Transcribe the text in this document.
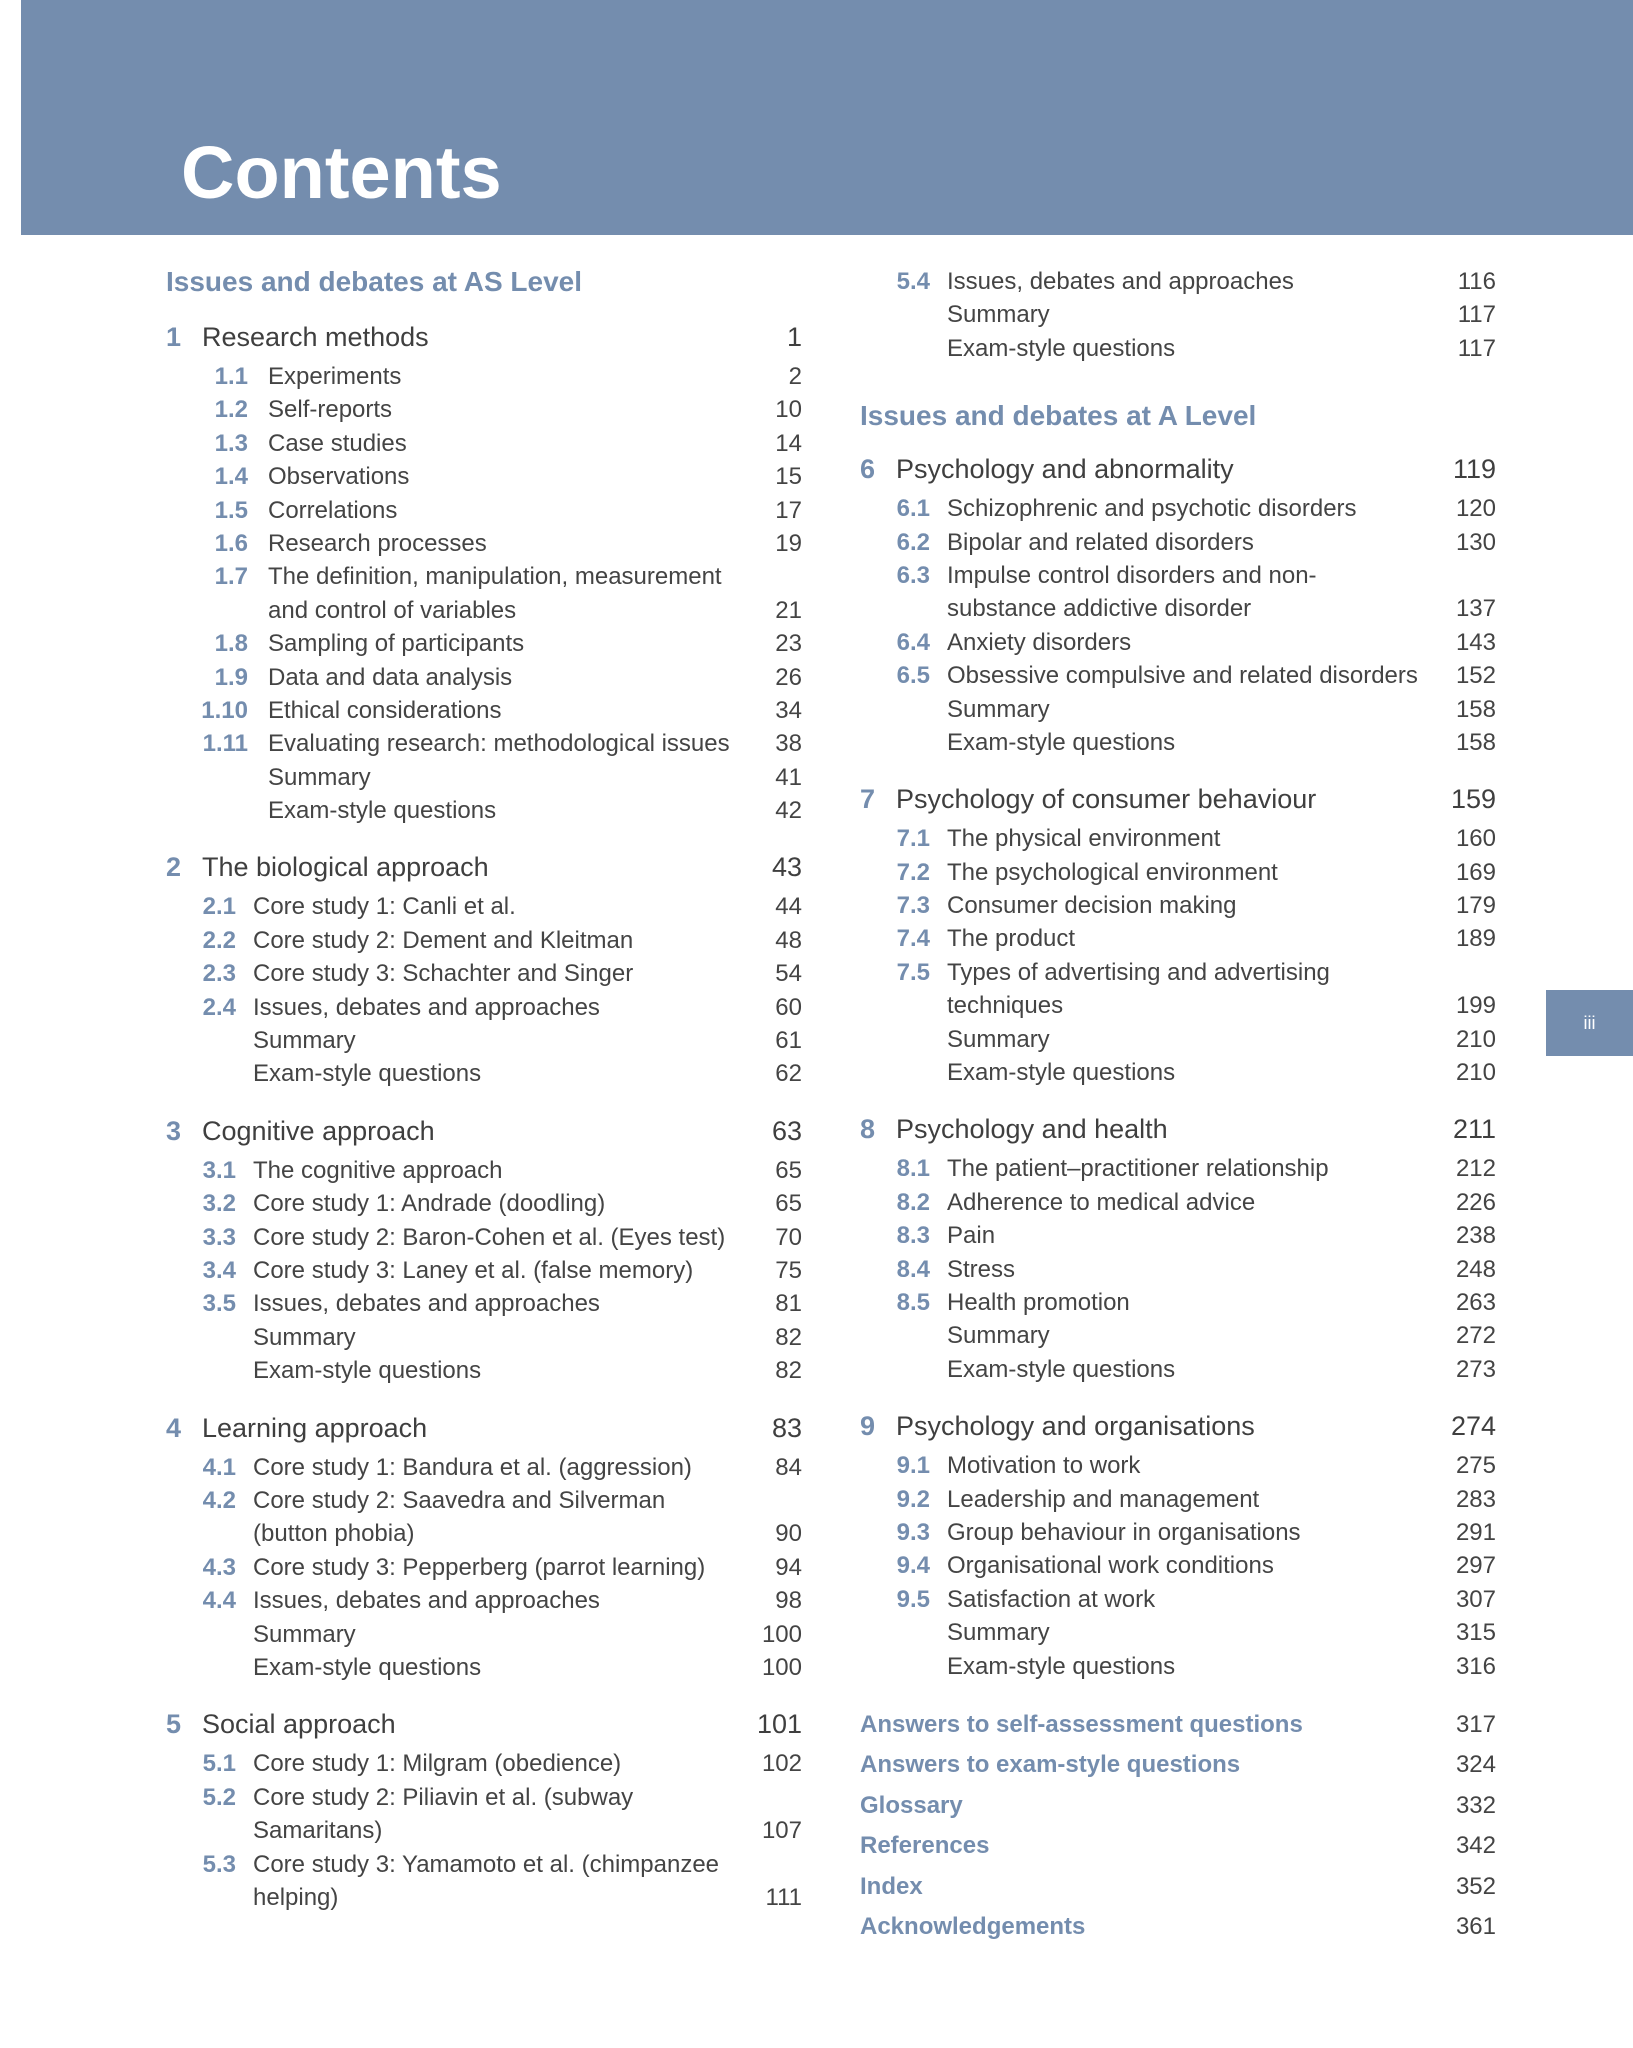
Contents
Issues and debates at AS Level
1 Research methods	1
1.1 Experiments	2
1.2 Self-reports	10
1.3 Case studies	14
1.4 Observations	15
1.5 Correlations	17
1.6 Research processes	19
1.7 The definition, manipulation, measurement and control of variables	21
1.8 Sampling of participants	23
1.9 Data and data analysis	26
1.10 Ethical considerations	34
1.11 Evaluating research: methodological issues 38
Summary	41
Exam-style questions	42
2 The biological approach	43
2.1 Core study 1: Canli et al.	44
2.2 Core study 2: Dement and Kleitman	48
2.3 Core study 3: Schachter and Singer	54
2.4 Issues, debates and approaches	60
Summary	61
Exam-style questions	62
3 Cognitive approach	63
3.1 The cognitive approach	65
3.2 Core study 1: Andrade (doodling)	65
3.3 Core study 2: Baron-Cohen et al. (Eyes test) 70
3.4 Core study 3: Laney et al. (false memory)	75
3.5 Issues, debates and approaches	81
Summary	82
Exam-style questions	82
4 Learning approach	83
4.1 Core study 1: Bandura et al. (aggression)	84
4.2 Core study 2: Saavedra and Silverman (button phobia)	90
4.3 Core study 3: Pepperberg (parrot learning)	94
4.4 Issues, debates and approaches	98
Summary	100
Exam-style questions	100
5 Social approach	101
5.1 Core study 1: Milgram (obedience)	102
5.2 Core study 2: Piliavin et al. (subway Samaritans)	107
5.3 Core study 3: Yamamoto et al. (chimpanzee helping)	111
5.4 Issues, debates and approaches	116
Summary	117
Exam-style questions	117
Issues and debates at A Level
6 Psychology and abnormality	119
6.1 Schizophrenic and psychotic disorders	120
6.2 Bipolar and related disorders	130
6.3 Impulse control disorders and non-substance addictive disorder	137
6.4 Anxiety disorders	143
6.5 Obsessive compulsive and related disorders 152
Summary	158
Exam-style questions	158
7 Psychology of consumer behaviour	159
7.1 The physical environment	160
7.2 The psychological environment	169
7.3 Consumer decision making	179
7.4 The product	189
7.5 Types of advertising and advertising techniques	199
Summary	210
Exam-style questions	210
8 Psychology and health	211
8.1 The patient–practitioner relationship	212
8.2 Adherence to medical advice	226
8.3 Pain	238
8.4 Stress	248
8.5 Health promotion	263
Summary	272
Exam-style questions	273
9 Psychology and organisations	274
9.1 Motivation to work	275
9.2 Leadership and management	283
9.3 Group behaviour in organisations	291
9.4 Organisational work conditions	297
9.5 Satisfaction at work	307
Summary	315
Exam-style questions	316
Answers to self-assessment questions	317
Answers to exam-style questions	324
Glossary	332
References	342
Index	352
Acknowledgements	361
iii
